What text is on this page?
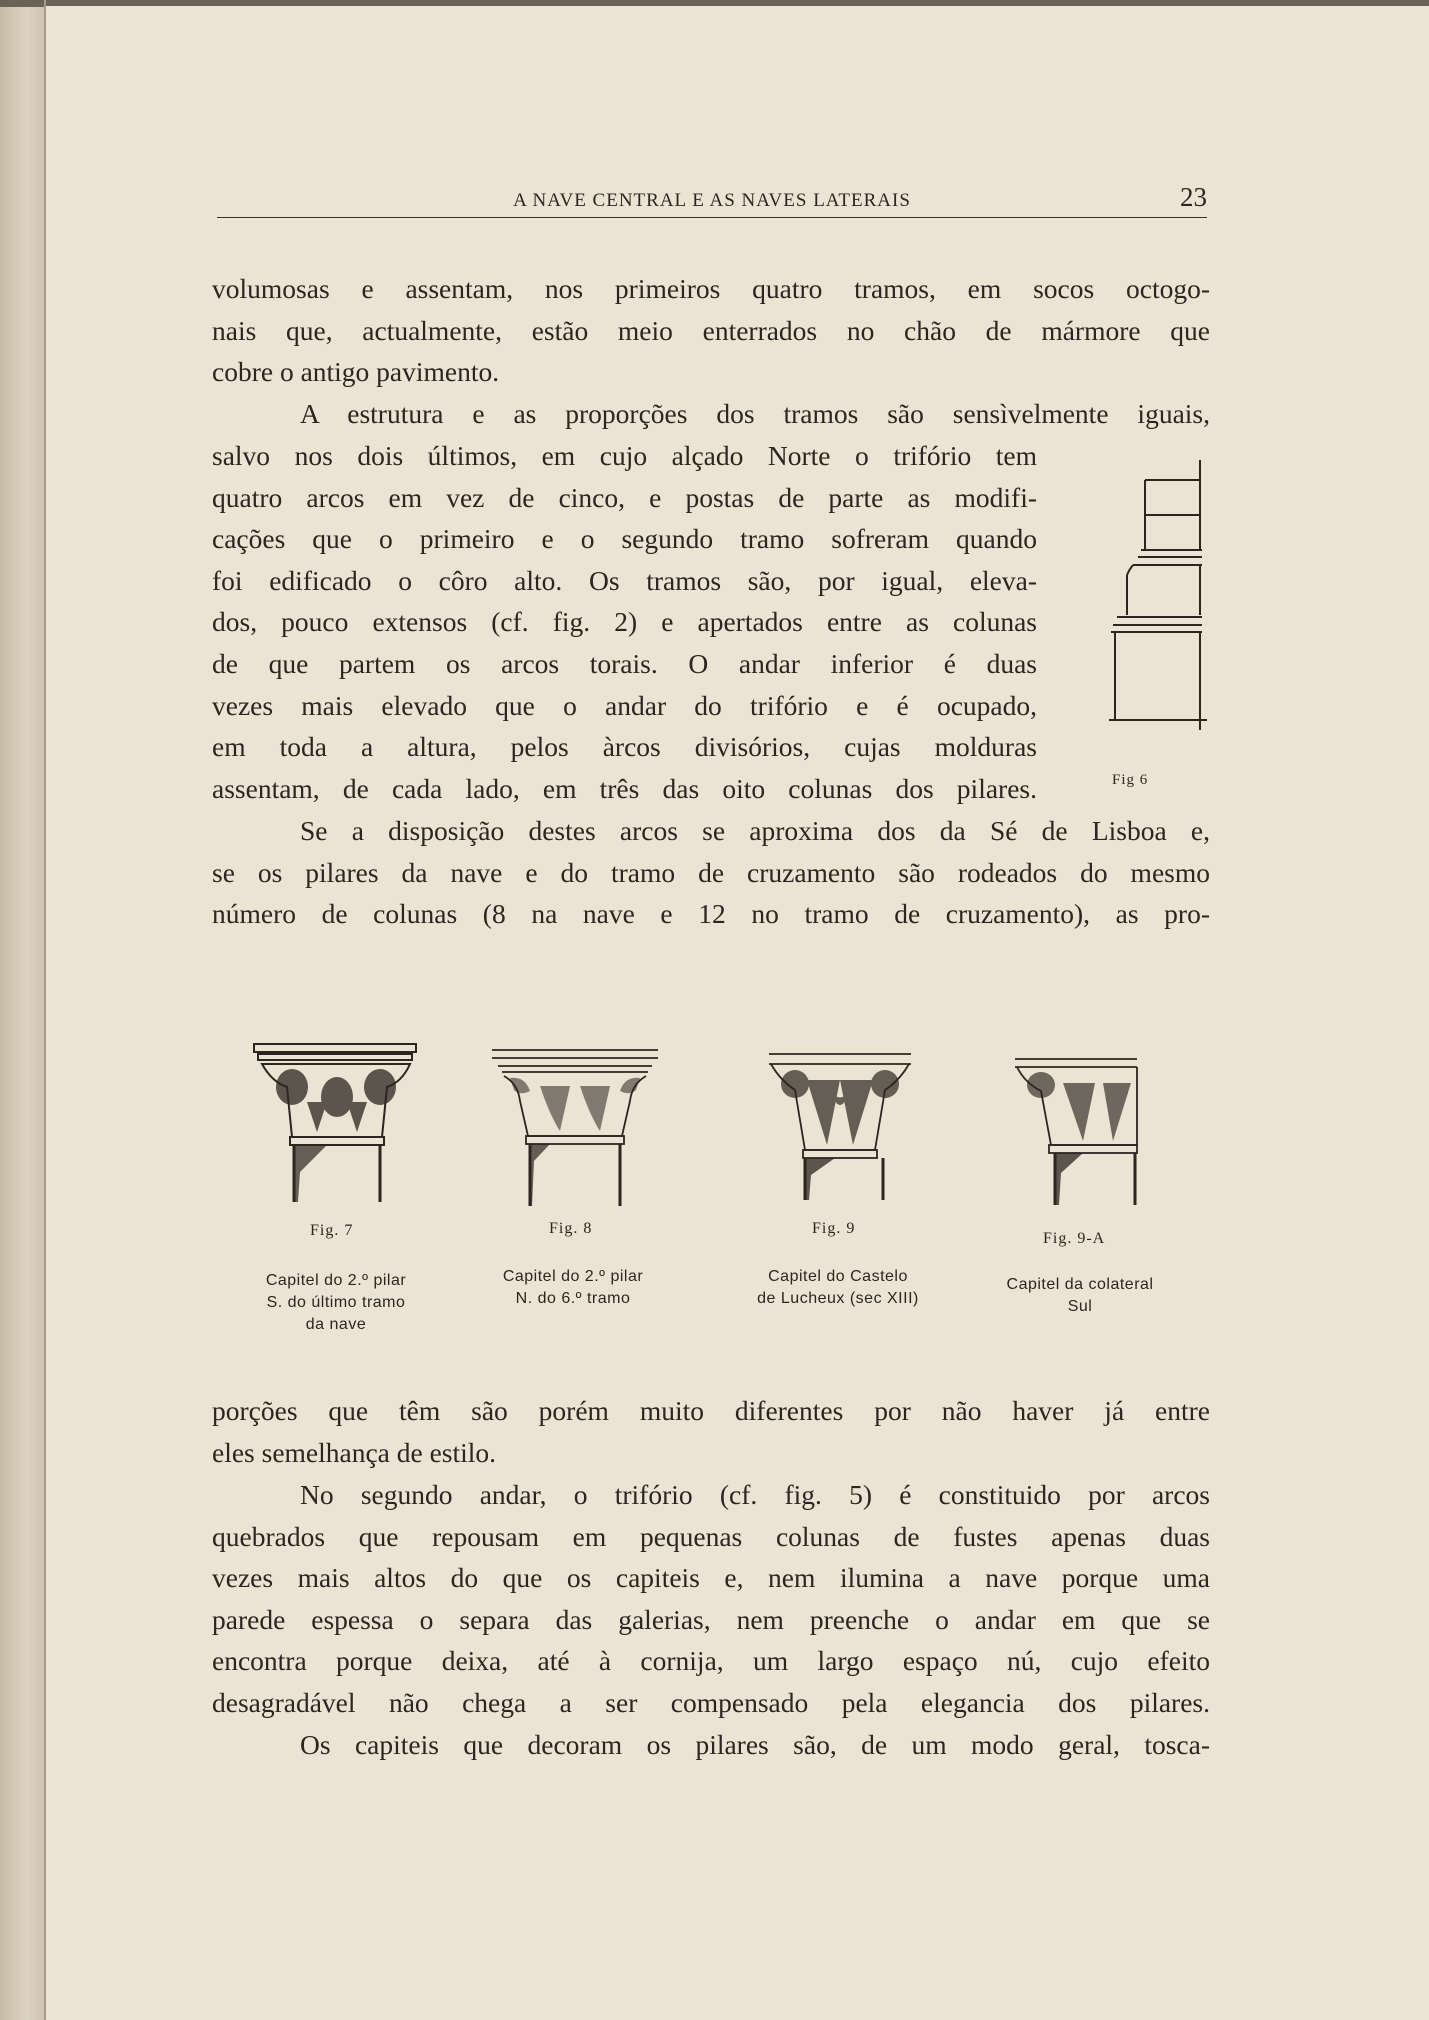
A NAVE CENTRAL E AS NAVES LATERAIS	23
volumosas e assentam, nos primeiros quatro tramos, em socos octogo-
nais que, actualmente, estão meio enterrados no chão de mármore que
cobre o antigo pavimento.
A estrutura e as proporções dos tramos são sensìvelmente iguais,
salvo nos dois últimos, em cujo alçado Norte o trifório tem
quatro arcos em vez de cinco, e postas de parte as modifi-
cações que o primeiro e o segundo tramo sofreram quando
foi edificado o côro alto. Os tramos são, por igual, eleva-
dos, pouco extensos (cf. fig. 2) e apertados entre as colunas
de que partem os arcos torais. O andar inferior é duas
vezes mais elevado que o andar do trifório e é ocupado,
em toda a altura, pelos àrcos divisórios, cujas molduras
assentam, de cada lado, em três das oito colunas dos pilares.	Fig 6
Se a disposição destes arcos se aproxima dos da Sé de Lisboa e,
se os pilares da nave e do tramo de cruzamento são rodeados do mesmo
número de colunas (8 na nave e 12 no tramo de cruzamento), as pro-
Fig. 7
Capitel do 2.º pilar
S. do último tramo
da nave
Fig. 8
Capitel do 2.º pilar
N. do 6.º tramo
Fig. 9
Capitel do Castelo
de Lucheux (sec XIII)
Fig. 9-A
Capitel da colateral
Sul
porções que têm são porém muito diferentes por não haver já entre
eles semelhança de estilo.
No segundo andar, o trifório (cf. fig. 5) é constituido por arcos
quebrados que repousam em pequenas colunas de fustes apenas duas
vezes mais altos do que os capiteis e, nem ilumina a nave porque uma
parede espessa o separa das galerias, nem preenche o andar em que se
encontra porque deixa, até à cornija, um largo espaço nú, cujo efeito
desagradável não chega a ser compensado pela elegancia dos pilares.
Os capiteis que decoram os pilares são, de um modo geral, tosca-
